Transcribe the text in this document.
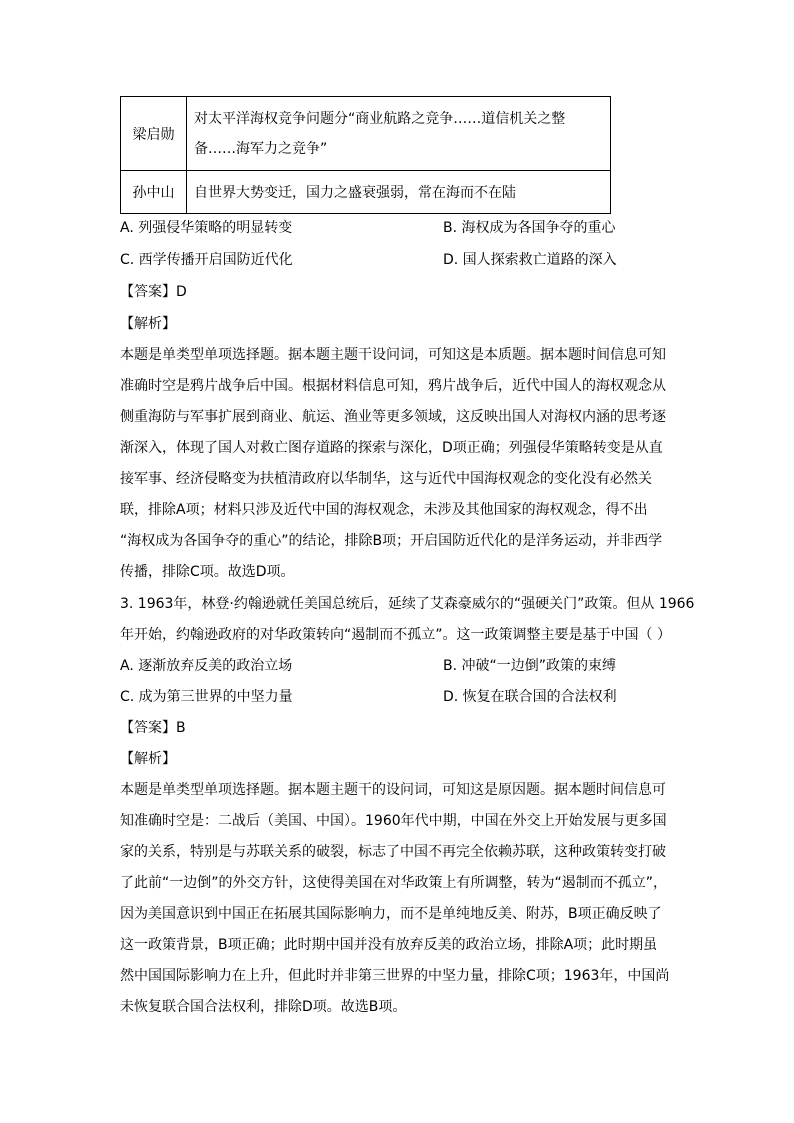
梁启勋	对太平洋海权竞争问题分“商业航路之竞争……道信机关之整
备……海军力之竞争”

孙中山	自世界大势变迁，国力之盛衰强弱，常在海而不在陆
A. 列强侵华策略的明显转变	B. 海权成为各国争夺的重心
C. 西学传播开启国防近代化	D. 国人探索救亡道路的深入
【答案】D
【解析】
本题是单类型单项选择题。据本题主题干设问词，可知这是本质题。据本题时间信息可知
准确时空是鸦片战争后中国。根据材料信息可知，鸦片战争后，近代中国人的海权观念从
侧重海防与军事扩展到商业、航运、渔业等更多领域，这反映出国人对海权内涵的思考逐
渐深入，体现了国人对救亡图存道路的探索与深化，D项正确；列强侵华策略转变是从直
接军事、经济侵略变为扶植清政府以华制华，这与近代中国海权观念的变化没有必然关
联，排除A项；材料只涉及近代中国的海权观念，未涉及其他国家的海权观念，得不出
“海权成为各国争夺的重心”的结论，排除B项；开启国防近代化的是洋务运动，并非西学
传播，排除C项。故选D项。
3. 1963年，林登·约翰逊就任美国总统后，延续了艾森豪威尔的“强硬关门”政策。但从 1966
年开始，约翰逊政府的对华政策转向“遏制而不孤立”。这一政策调整主要是基于中国（ ）
A. 逐渐放弃反美的政治立场	B. 冲破“一边倒”政策的束缚
C. 成为第三世界的中坚力量	D. 恢复在联合国的合法权利
【答案】B
【解析】
本题是单类型单项选择题。据本题主题干的设问词，可知这是原因题。据本题时间信息可
知准确时空是：二战后（美国、中国）。1960年代中期，中国在外交上开始发展与更多国
家的关系，特别是与苏联关系的破裂，标志了中国不再完全依赖苏联，这种政策转变打破
了此前“一边倒”的外交方针，这使得美国在对华政策上有所调整，转为“遏制而不孤立”，
因为美国意识到中国正在拓展其国际影响力，而不是单纯地反美、附苏，B项正确反映了
这一政策背景，B项正确；此时期中国并没有放弃反美的政治立场，排除A项；此时期虽
然中国国际影响力在上升，但此时并非第三世界的中坚力量，排除C项；1963年，中国尚
未恢复联合国合法权利，排除D项。故选B项。
